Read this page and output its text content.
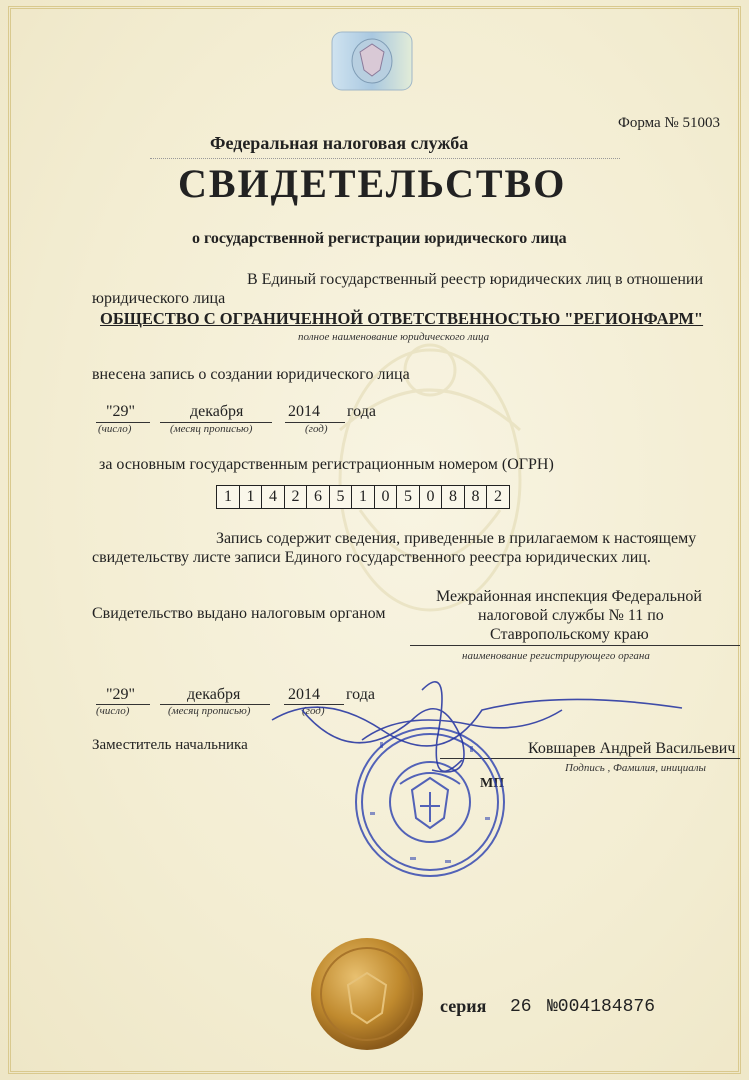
Форма № 51003
Федеральная налоговая служба
СВИДЕТЕЛЬСТВО
о государственной регистрации юридического лица
В Единый государственный реестр юридических лиц в отношении
юридического лица
ОБЩЕСТВО С ОГРАНИЧЕННОЙ ОТВЕТСТВЕННОСТЬЮ "РЕГИОНФАРМ"
полное наименование юридического лица
внесена запись о создании юридического лица
"29"
(число)
декабря
(месяц прописью)
2014
(год)
года
за основным государственным регистрационным номером (ОГРН)
1 1 4 2 6 5 1 0 5 0 8 8 2
Запись содержит сведения, приведенные в прилагаемом к настоящему
свидетельству листе записи Единого государственного реестра юридических лиц.
Свидетельство выдано налоговым органом
Межрайонная инспекция Федеральной
налоговой службы № 11 по
Ставропольскому краю
наименование регистрирующего органа
"29"
(число)
декабря
(месяц прописью)
2014
(год)
года
Заместитель начальника	Ковшарев Андрей Васильевич
Подпись , Фамилия, инициалы
МП
серия 26 №004184876
